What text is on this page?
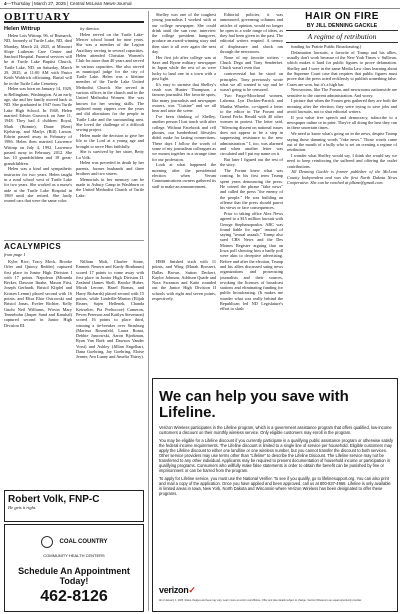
4—Thursday | March 27, 2025 | Central McLean News-Journal
OBITUARY
Helen Wittrup

Helen Lois Wittrup, 96, of Bismarck, ND, formerly of Turtle Lake, ND, died Monday, March 24, 2025, at Missouri Slope Lutheran Care Center and Sanford Hospital. Funeral services will be at Turtle Lake Baptist Church, Turtle Lake, ND, on Saturday, March 29, 2025, at 11:00 AM with Pastor Keith Wohlrich officiating. Burial will be in the Turtle Lake Cemetery.

Helen was born on January 14, 1929, in Bellingham, Washington. At an early age, she and her family moved back to ND. She graduated in 1947 from Turtle Lake High School. In 1948, Helen married Edwin Gravrock on June 11, 1948. They had 4 children: Royal, Mark (Bonnie), Diane (Kent) Kjelstrup, and Marlys (Bill) Larson. Edwin passed away in February of 1986. Helen then married Lawrence Wittrup on July 4, 1992. Lawrence passed away in February, 2012. She has 10 grandchildren and 18 great-grandchildren.

Helen was a kind and sympathetic instructor for two years. Helen taught in a rural school west of Turtle Lake for two years. She worked as a nurse's aide at the Turtle Lake Hospital in 1969 until she retired. She lastly owned cars that were the same color.

ity director.

Helen served on the Turtle Lake-Mercer school board for nine years. She was a member of the Legion Auxiliary serving in several capacities. Helen attended Christian Women's Club for more than 40 years and served in various capacities. She also served as municipal judge for the city of Turtle Lake. Helen was a lifetime member of the Turtle Lake United Methodist Church. She served in various offices in the church and in the United Methodist Women. She was known for her sewing skills. The replaced many zippers over the years and did alterations for the people in Turtle Lake and the surrounding area. She loved the challenge of a difficult sewing project.

Helen made the decision to give her life to the Lord at a young age and brought to serve Him faithfully.

She is survived by her sister, Betty Lu Volk.

Helen was preceded in death by her parents, former husbands and three brothers and two sisters.

Memorials in her memory can be made to Asbury Camp in Washburn or the United Methodist Church of Turtle Lake.

ACALYMPICS
from page 1

Kyler Rice, Tracy Mock, Brooke Orler and Quincy Redder) captured first place in Junior High Division I with 17 points. Napoleon (Miranda Becker, Dawson Ibrahe, Mason Fiist, Joseph Gerhardt, Bristol Klipfel and Kristen Lemm) placed second with 16 points, and Elisa Elsie Ostrowski and Bristol Jonas, Evelee Richter, Kelly Gnohi Neil Williams, Wirvin Mary Tennehohn (Jasper Sand and Kanshal) captured second in Junior High Division III.

Nilliam Molt, Charlee Stone, Emmett Neuern and Kardy Birnbaum) scored 17 points to come away with first place in Junior High Division II. Zealand (James Shell, Brooke Huber, Micah Lerone, Hazel Romas, and Harry Richards) placed second with 15 points, while Lindville-Marion (Elijah Risner, Sajen Hellenek, Chanda Keirselter, Pia Preliocore) Cameron, Peven Peterson and Kaitlyn Stevenson) scored 16 points to place third, winning a tie-breaker over Strasburg (Marissa Rosenfeld, Laura Ronat, Debbie Jancowski, Aaron Bjorkman, Ryan Van Bork and Dawson Vander Vorst) and Ashley (Jillian Engelhart, Dana Goehring, Jay Goehring, Eloise Jenner, Ava Lunny and Amelia Thiery).

HMS finished sixth with 11 points, and Wing (Marah Brossert, Dallas Brown, Sutton Deckert, Kaylor Johnson, Addison Quade and Nora Swanson and Katie rounded out the Junior High Division II schools with eight and seven points, respectively.

Shelley was one of the toughest young journalists I worked with at our college newspaper. She could drink until the sun rose, interview the college president hungover, produce an award-winning story and then start it all over again the next day.

Her first job after college was at Saxe and Byrne military newspaper in Japan while the rest of us were lucky to land one in a town with a post light.

It's easy to surmise that Shelley's crush was Hunter Thompson, a famous journalist. Her favorite spots, like many journalists and newspaper owners, was "Cuisine" and we all hear and taste the scene.

I've been thinking of Shelley, another person I lost touch with after college. Without Facebook and cell phones, our lumberhead lifestyles didn't make for lasting connections. These days I follow the words of some of my journalism colleagues as we mourn together in a strange time for our profession.

Look at what happened the morning after the presidential election when Verum Communications owners gathered its staff to make an announcement.

Editorial policies, it was announced, governing columns and articles of opinion, would no longer be open to a wide range of ideas, as they had been given in the past. The editorial writers erupted. A tremor of displeasure and shock ran through the newsroom.

None of my favorite writers - Chuck Dega and Tony Senderbet. Chuck wasn't even that

controversial but he stood on principles. Tony previously wrote what we all wanted to say and he wasn't going to be censored.

Two Fargo-Moorhead women, Lahoma, Lyn Dockter-Parrick and Martha Wheeler, co-signed a letter to the editor in The Forum and Grand Forks Herald with 40 other women in protest. The letter said, "Silencing dissent on national issues does not appear to be a step in suppressing resistance to the new administration." I, too, was alarmed and when another letter was circulated and I put my name on it.

But later I figured out the rest of the story.

The Forum knew what was coming. In his first term Trump spent years denouncing the press. He coined the phrase "fake news" and called the press "the enemy of the people." He was building an offense that the press should parrot his views or face consequences.

Prior to taking office Alex News agreed to a $15 million lawsuit with George Stephanopoulos. ABC was found liable for rape" instead of saying "sexual assault." Trump also sued CBS News and the Des Moines Register arguing that an Iowa poll showing him a badly poll were akin to deceptive advertising. Before and after the election, Trump and his allies discussed suing news organizations and prosecuting journalists and their sources, revoking the licenses of broadcast stations and eliminating funding for public broadcasting. (It makes me wonder what was really behind the Republican led ND Legislature's effort to slash

HAIR ON FIRE
BY JILL DENNING GACKLE
A regime of retribution

funding for Prairie Public Broadcasting.)

Defamation lawsuits, a favorite of Trump and his allies, usually don't work because of the New York Times v. Sullivan, which makes it hard for public figures to prove defamation. Shelley and I were in the same Media Law class learning about the Supreme Court case that requires that public figures must prove that the press acted recklessly to publish something false. Cases are won, but it's a high bar.

Newsrooms, like The Forum, and newsrooms nationwide are sensitive to the current administration. And worry.

I picture that when the Forum gets gathered they are both the morning after the election, they were trying to save jobs and avoid lawsuits, not to shut editorial writers.

If you value free speech and democracy, subscribe to a newspaper online or in print. They're all doing the best they can in these uncertain times.

We need to know what's going on in the news, despite Trump saying those damning words "fake news." Those words came out of the mouth of a bully who is set on creating a regime of retribution.

I wonder what Shelley would say. I think she would say we need to keep reinforcing the suffered and offering the outlet contributions.

Jill Denning Gackle is former publisher of the McLean County Independent and was the first North Dakota News Cooperative. She can be reached at jdlsme@gmail.com.

We can help you save with Lifeline.

Verizon Wireless participates in the Lifeline program, which is a government assistance program that offers qualified, low-income customers a discount on their monthly wireless service. Only eligible customers may enroll in the program.

You may be eligible for a Lifeline discount if you currently participate in a qualifying public assistance program or otherwise satisfy the federal income requirements. The Lifeline discount is limited to a single line of service per household. Eligible customers may apply the Lifeline discount to either one landline or one wireless number, but you cannot transfer the discount to both services. Other service providers may use terms other than "Lifeline" to describe the Lifeline Discount. The Lifeline service may not be transferred to any other individual. Applicants may be required to present documentation of household income or participation in qualifying programs. Consumers who willfully make false statements in order to obtain the benefit can be punished by fine or imprisonment or can be barred from the program.

To apply for Lifeline service, you must use the National Verifier. To see if you qualify, go to lifelinesupport.org. You can also print and mail a copy of the application. Once you have applied and been approved, call us at 800-837-4966. Lifeline is only available in limited areas in Iowa, New York, North Dakota and Wisconsin where Verizon Wireless has been designated to offer these programs.

verizon✓
All of January 1, 2025. Rates charges and fees may vary. Learn more at verizon.com/lifeline. Offer and plan details subject to change. Verizon Wireless is an equal opportunity provider.
Robert Volk, FNP-C
He gets it right.
COAL COUNTRY
COMMUNITY HEALTH CENTERS
Schedule An Appointment Today!
462-8126
